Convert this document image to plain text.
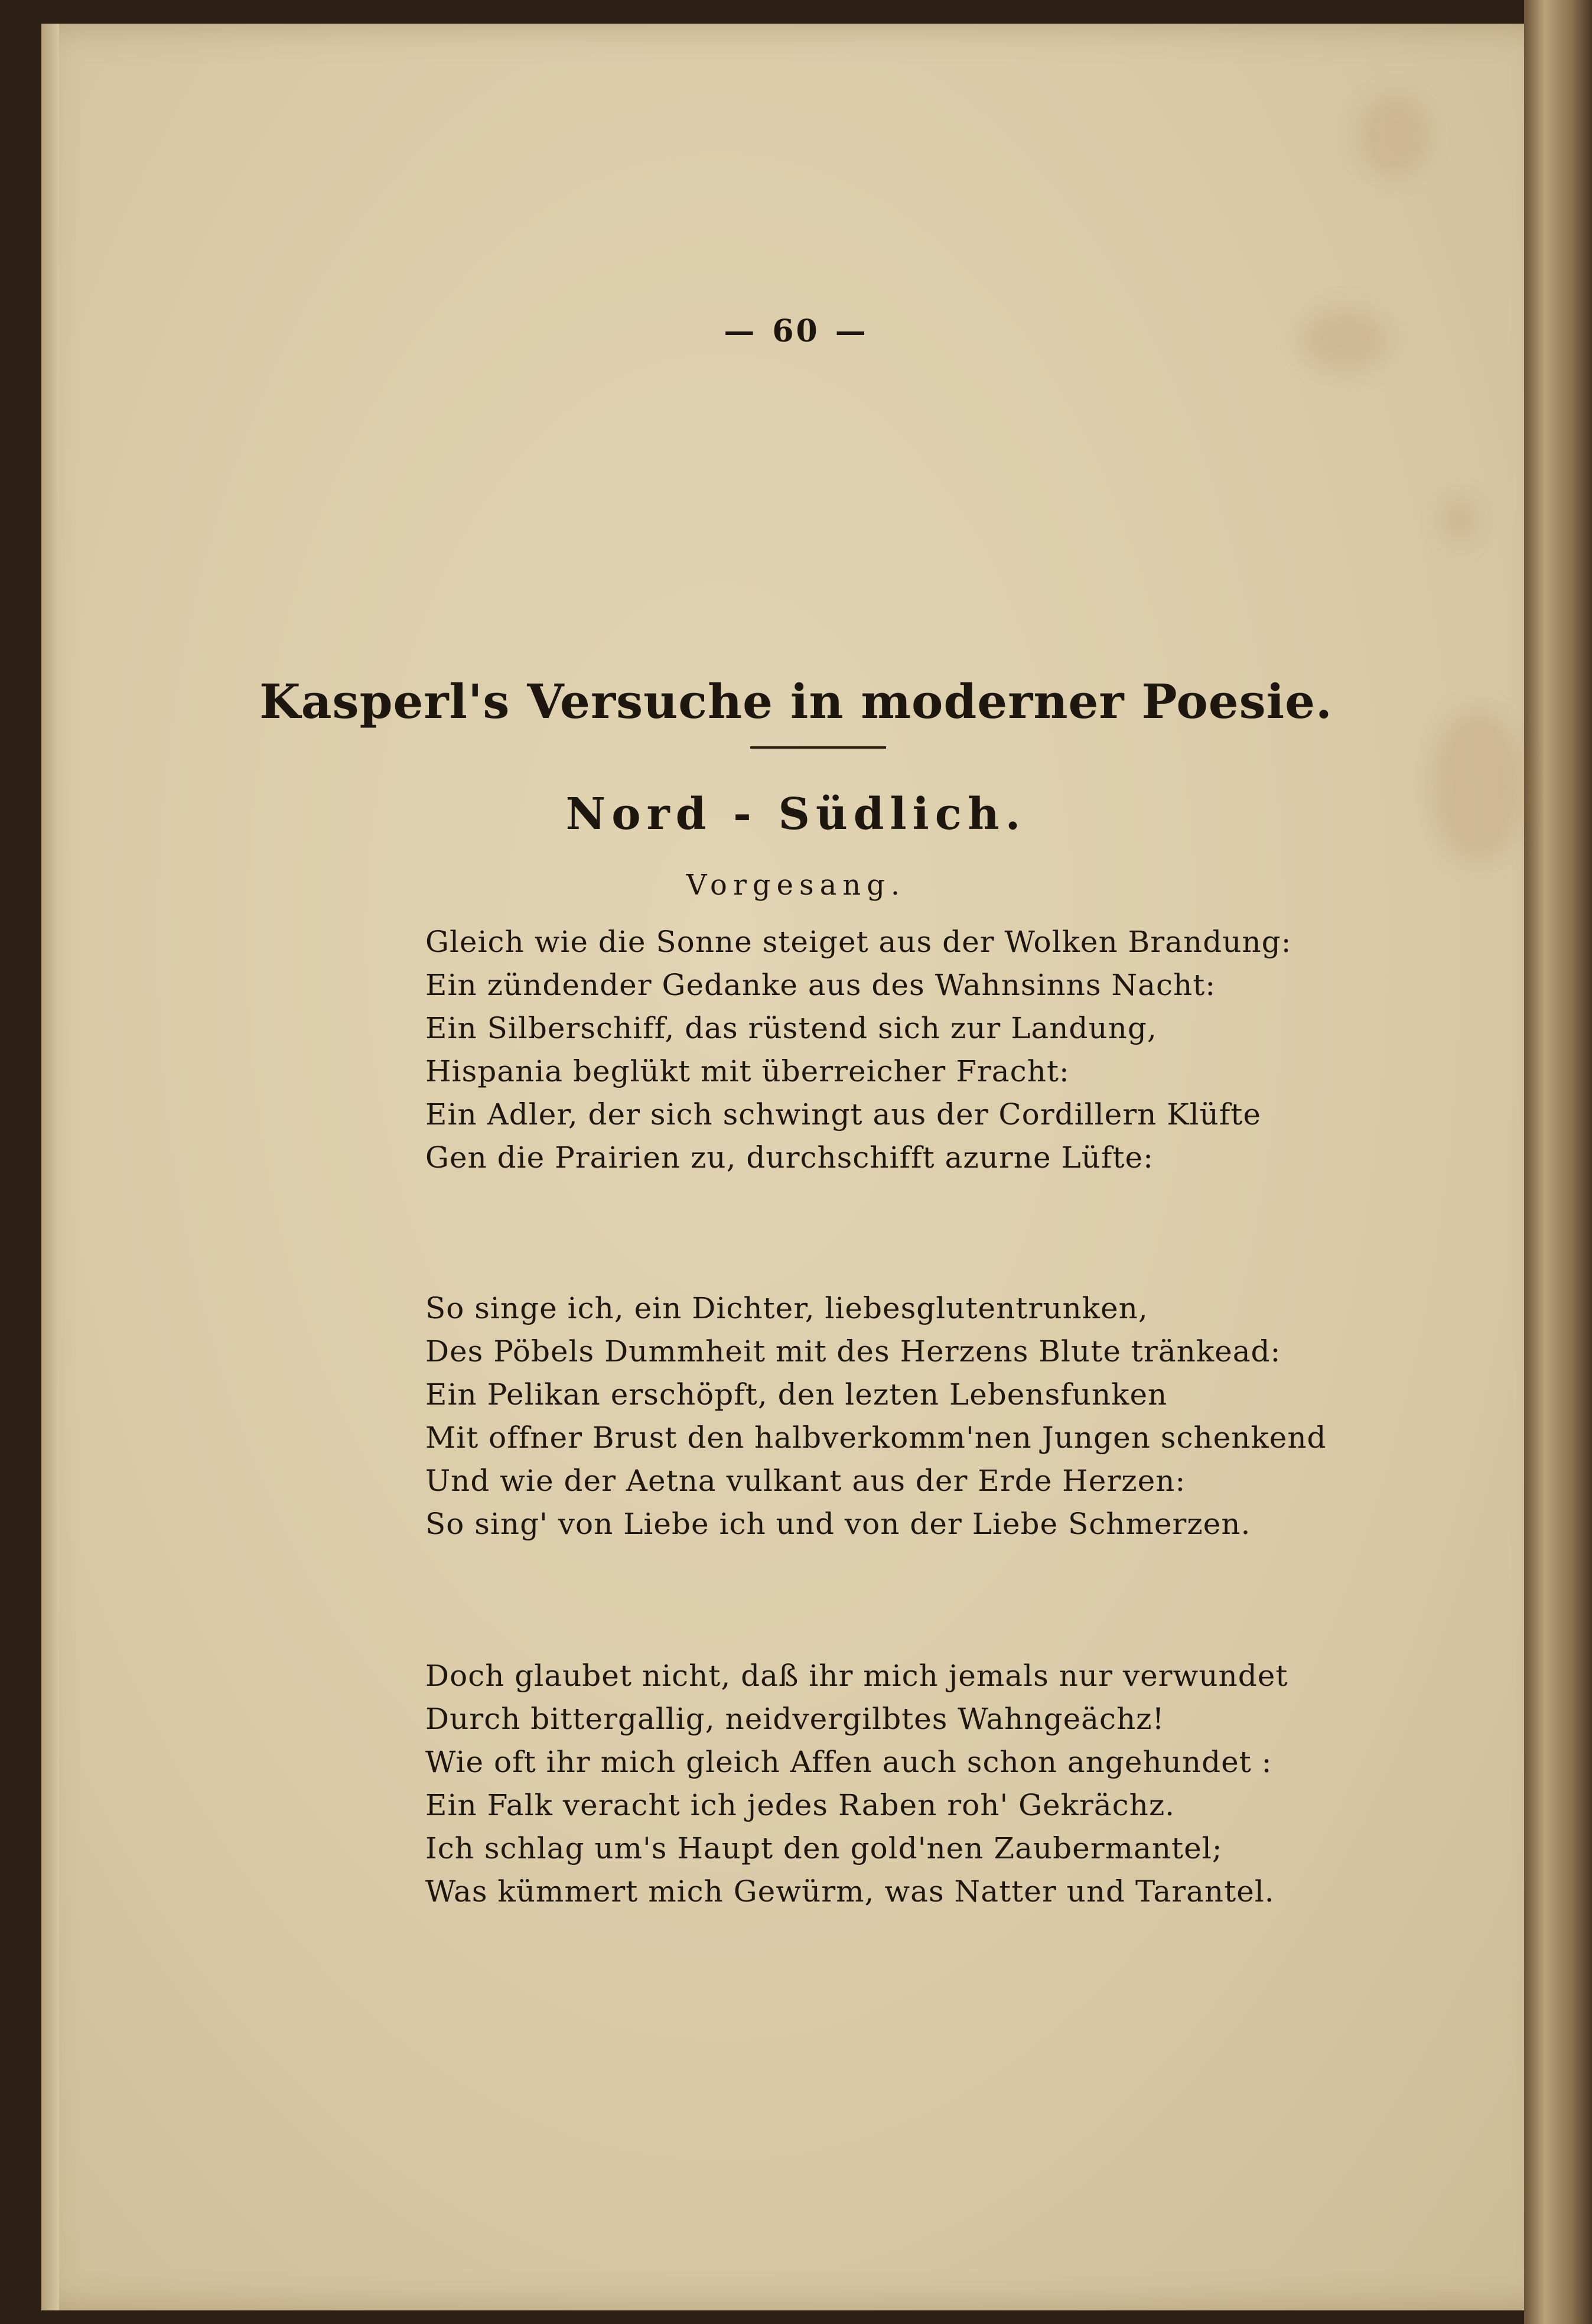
— 60 —
Kasperl's Versuche in moderner Poesie.
Nord - Südlich.
Vorgesang.
Gleich wie die Sonne steiget aus der Wolken Brandung:
Ein zündender Gedanke aus des Wahnsinns Nacht:
Ein Silberschiff, das rüstend sich zur Landung,
Hispania beglükt mit überreicher Fracht:
Ein Adler, der sich schwingt aus der Cordillern Klüfte
Gen die Prairien zu, durchschifft azurne Lüfte:
So singe ich, ein Dichter, liebesglutentrunken,
Des Pöbels Dummheit mit des Herzens Blute tränkead:
Ein Pelikan erschöpft, den lezten Lebensfunken
Mit offner Brust den halbverkomm'nen Jungen schenkend
Und wie der Aetna vulkant aus der Erde Herzen:
So sing' von Liebe ich und von der Liebe Schmerzen.
Doch glaubet nicht, daß ihr mich jemals nur verwundet
Durch bittergallig, neidvergilbtes Wahngeächz!
Wie oft ihr mich gleich Affen auch schon angehundet :
Ein Falk veracht ich jedes Raben roh' Gekrächz.
Ich schlag um's Haupt den gold'nen Zaubermantel;
Was kümmert mich Gewürm, was Natter und Tarantel.
